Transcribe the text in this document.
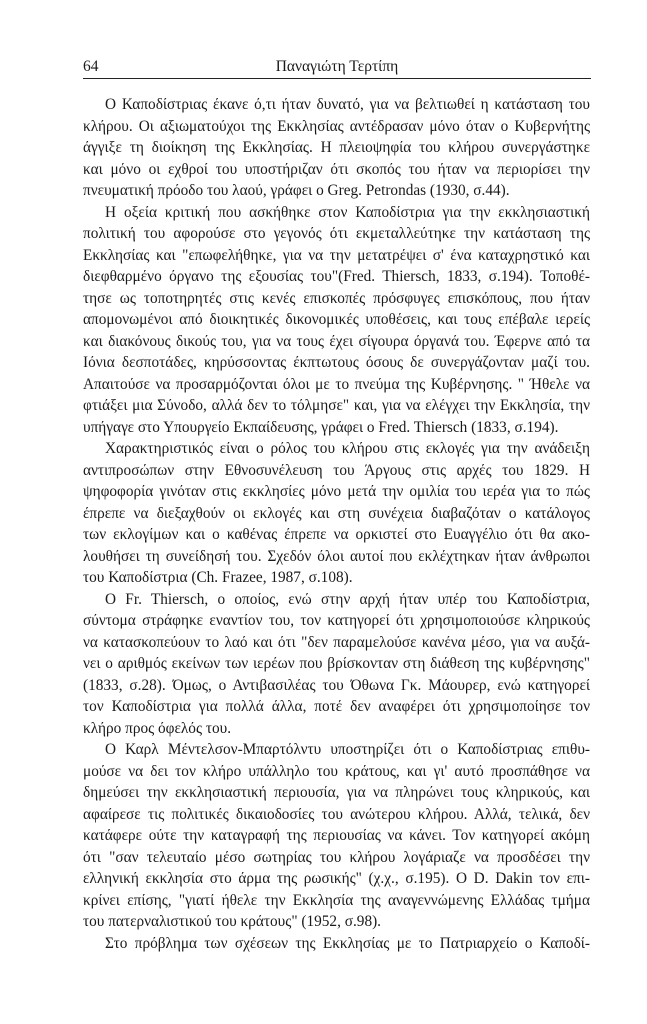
64	Παναγιώτη Τερτίπη
Ο Καποδίστριας έκανε ό,τι ήταν δυνατό, για να βελτιωθεί η κατάσταση του
κλήρου. Οι αξιωματούχοι της Εκκλησίας αντέδρασαν μόνο όταν ο Κυβερνήτης
άγγιξε τη διοίκηση της Εκκλησίας. Η πλειοψηφία του κλήρου συνεργάστηκε
και μόνο οι εχθροί του υποστήριζαν ότι σκοπός του ήταν να περιορίσει την
πνευματική πρόοδο του λαού, γράφει ο Greg. Petrondas (1930, σ.44).
Η οξεία κριτική που ασκήθηκε στον Καποδίστρια για την εκκλησιαστική
πολιτική του αφορούσε στο γεγονός ότι εκμεταλλεύτηκε την κατάσταση της
Εκκλησίας και "επωφελήθηκε, για να την μετατρέψει σ' ένα καταχρηστικό και
διεφθαρμένο όργανο της εξουσίας του"(Fred. Thiersch, 1833, σ.194). Τοποθέ-
τησε ως τοποτηρητές στις κενές επισκοπές πρόσφυγες επισκόπους, που ήταν
απομονωμένοι από διοικητικές δικονομικές υποθέσεις, και τους επέβαλε ιερείς
και διακόνους δικούς του, για να τους έχει σίγουρα όργανά του. Έφερνε από τα
Ιόνια δεσποτάδες, κηρύσσοντας έκπτωτους όσους δε συνεργάζονταν μαζί του.
Απαιτούσε να προσαρμόζονται όλοι με το πνεύμα της Κυβέρνησης. " Ήθελε να
φτιάξει μια Σύνοδο, αλλά δεν το τόλμησε" και, για να ελέγχει την Εκκλησία, την
υπήγαγε στο Υπουργείο Εκπαίδευσης, γράφει ο Fred. Thiersch (1833, σ.194).
Χαρακτηριστικός είναι ο ρόλος του κλήρου στις εκλογές για την ανάδειξη
αντιπροσώπων στην Εθνοσυνέλευση του Άργους στις αρχές του 1829. Η
ψηφοφορία γινόταν στις εκκλησίες μόνο μετά την ομιλία του ιερέα για το πώς
έπρεπε να διεξαχθούν οι εκλογές και στη συνέχεια διαβαζόταν ο κατάλογος
των εκλογίμων και ο καθένας έπρεπε να ορκιστεί στο Ευαγγέλιο ότι θα ακο-
λουθήσει τη συνείδησή του. Σχεδόν όλοι αυτοί που εκλέχτηκαν ήταν άνθρωποι
του Καποδίστρια (Ch. Frazee, 1987, σ.108).
Ο Fr. Thiersch, ο οποίος, ενώ στην αρχή ήταν υπέρ του Καποδίστρια,
σύντομα στράφηκε εναντίον του, τον κατηγορεί ότι χρησιμοποιούσε κληρικούς
να κατασκοπεύουν το λαό και ότι "δεν παραμελούσε κανένα μέσο, για να αυξά-
νει ο αριθμός εκείνων των ιερέων που βρίσκονταν στη διάθεση της κυβέρνησης"
(1833, σ.28). Όμως, ο Αντιβασιλέας του Όθωνα Γκ. Μάουρερ, ενώ κατηγορεί
τον Καποδίστρια για πολλά άλλα, ποτέ δεν αναφέρει ότι χρησιμοποίησε τον
κλήρο προς όφελός του.
Ο Καρλ Μέντελσον-Μπαρτόλντυ υποστηρίζει ότι ο Καποδίστριας επιθυ-
μούσε να δει τον κλήρο υπάλληλο του κράτους, και γι' αυτό προσπάθησε να
δημεύσει την εκκλησιαστική περιουσία, για να πληρώνει τους κληρικούς, και
αφαίρεσε τις πολιτικές δικαιοδοσίες του ανώτερου κλήρου. Αλλά, τελικά, δεν
κατάφερε ούτε την καταγραφή της περιουσίας να κάνει. Τον κατηγορεί ακόμη
ότι "σαν τελευταίο μέσο σωτηρίας του κλήρου λογάριαζε να προσδέσει την
ελληνική εκκλησία στο άρμα της ρωσικής" (χ.χ., σ.195). Ο D. Dakin τον επι-
κρίνει επίσης, "γιατί ήθελε την Εκκλησία της αναγεννώμενης Ελλάδας τμήμα
του πατερναλιστικού του κράτους" (1952, σ.98).
Στο πρόβλημα των σχέσεων της Εκκλησίας με το Πατριαρχείο ο Καποδί-
